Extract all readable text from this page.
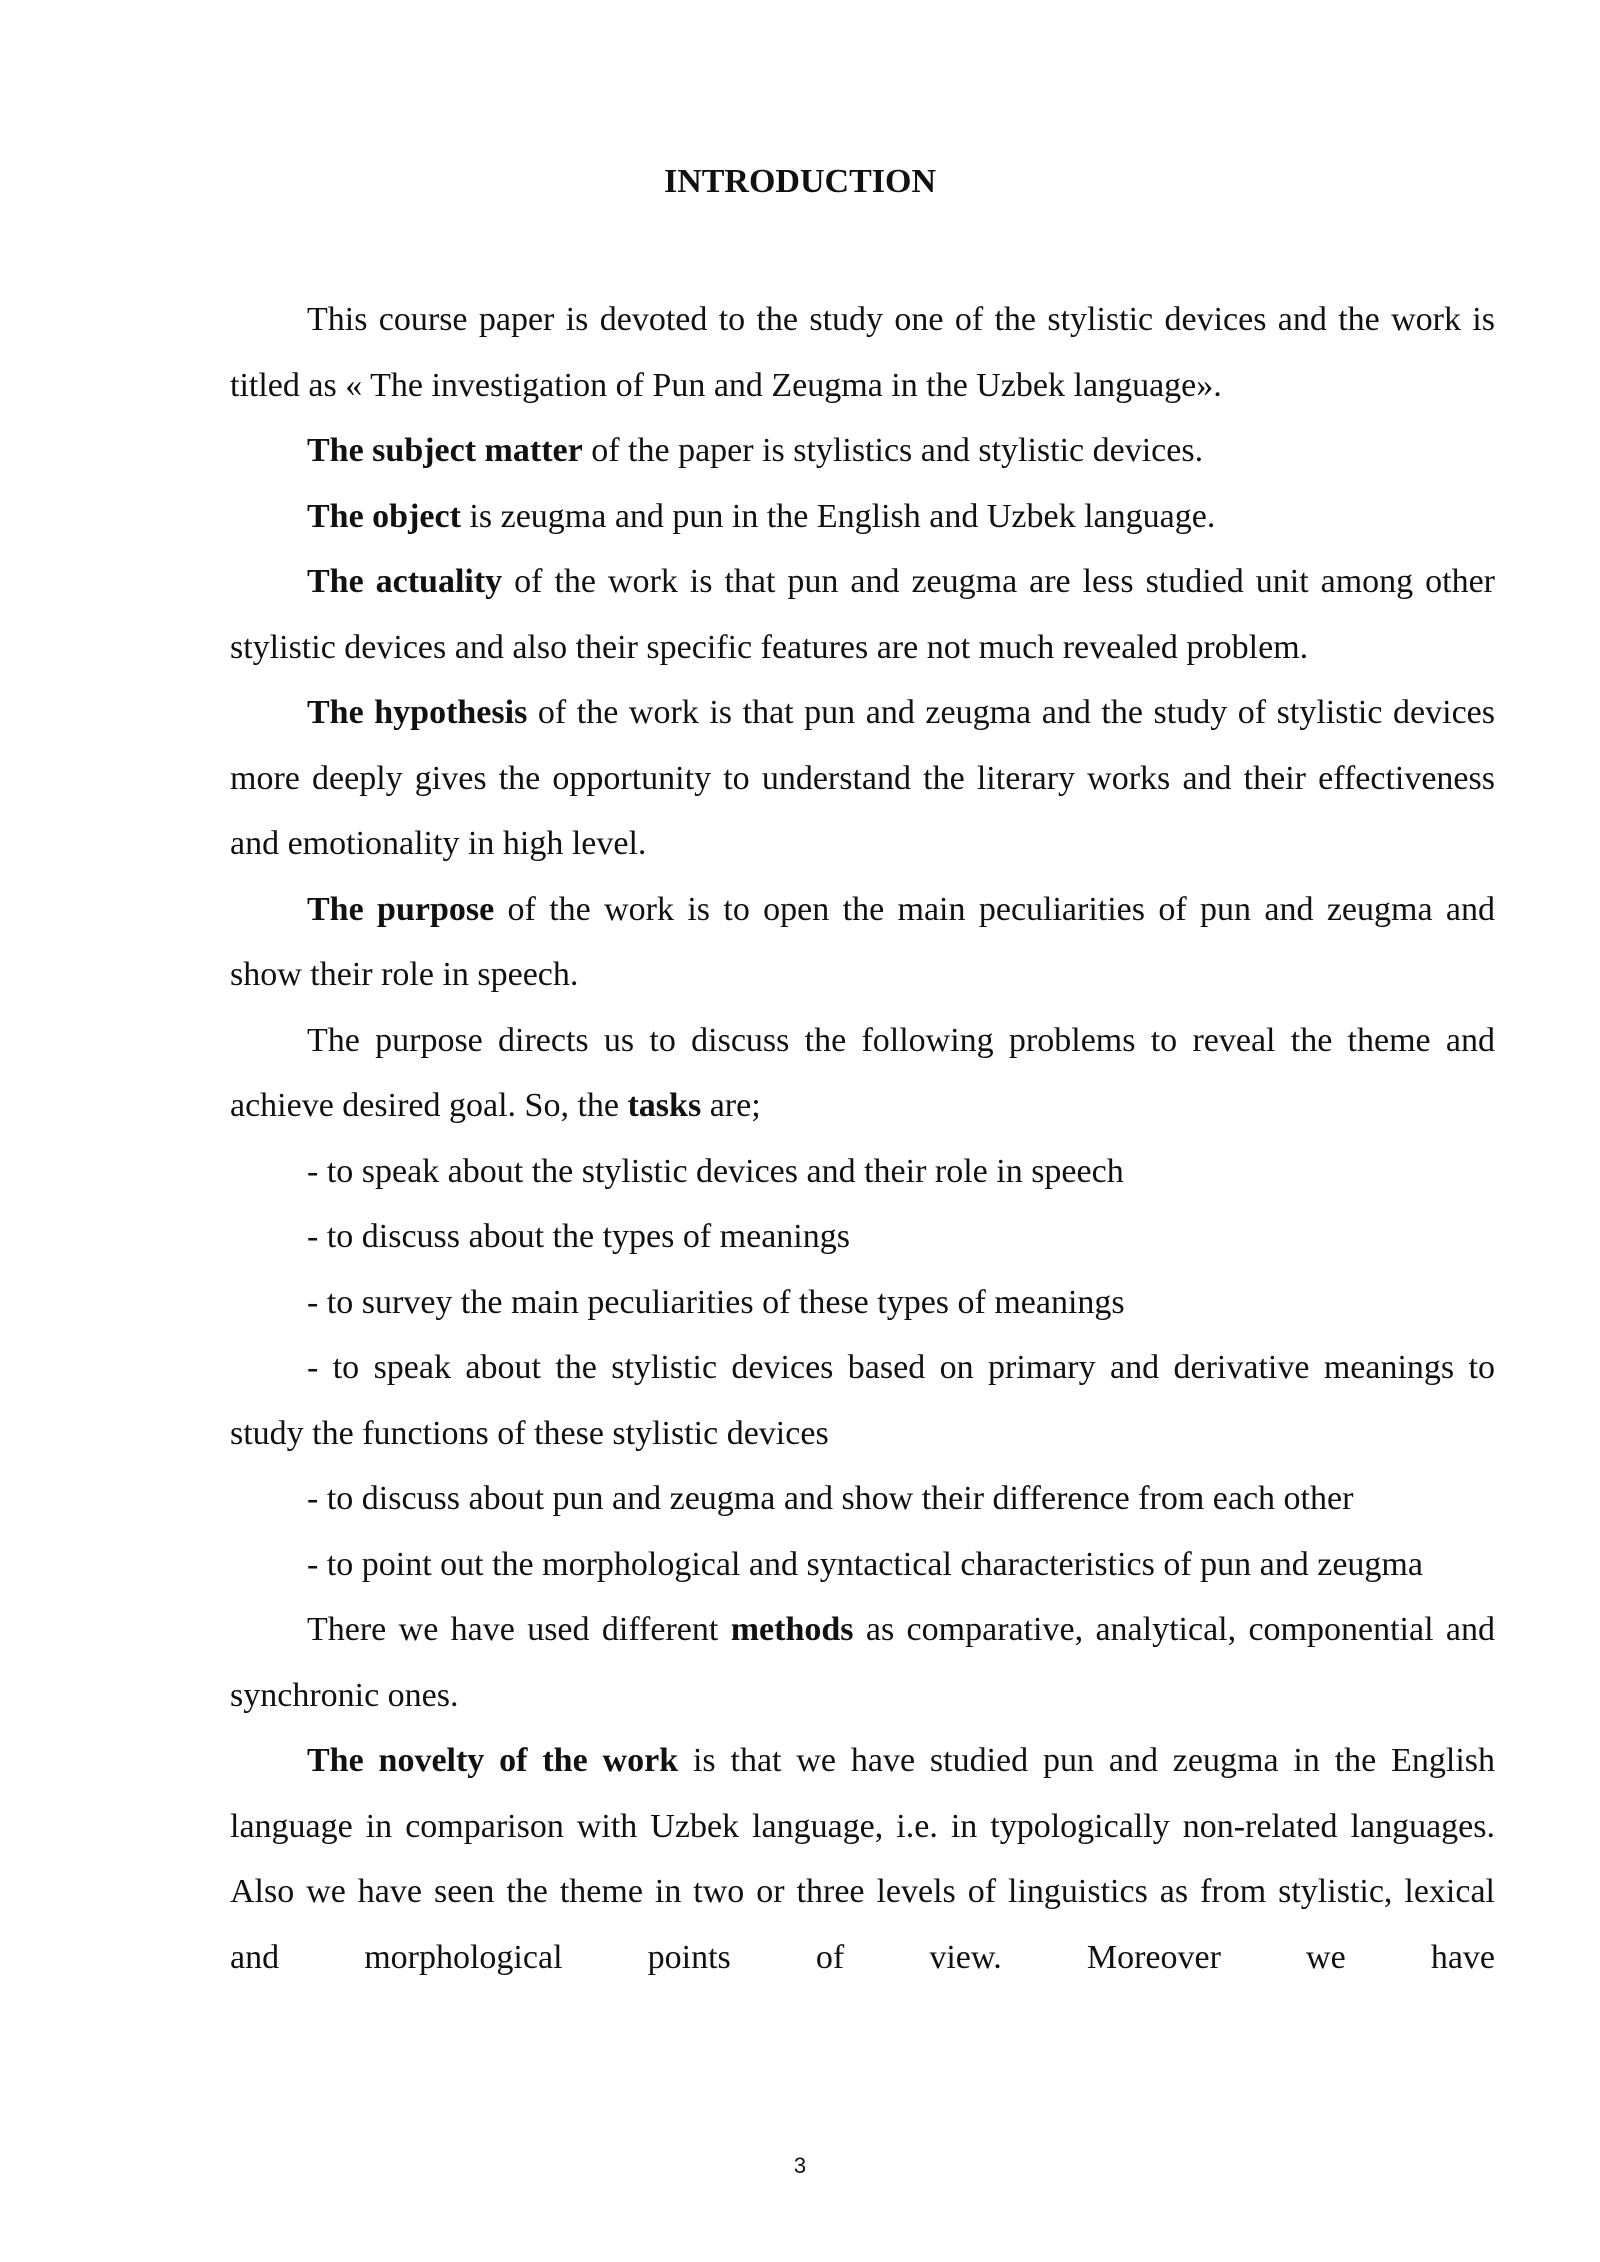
INTRODUCTION

This course paper is devoted to the study one of the stylistic devices and the work is titled as « The investigation of Pun and Zeugma in the Uzbek language».

The subject matter of the paper is stylistics and stylistic devices.

The object is zeugma and pun in the English and Uzbek language.

The actuality of the work is that pun and zeugma are less studied unit among other stylistic devices and also their specific features are not much revealed problem.

The hypothesis of the work is that pun and zeugma and the study of stylistic devices more deeply gives the opportunity to understand the literary works and their effectiveness and emotionality in high level.

The purpose of the work is to open the main peculiarities of pun and zeugma and show their role in speech.

The purpose directs us to discuss the following problems to reveal the theme and achieve desired goal. So, the tasks are;

- to speak about the stylistic devices and their role in speech

- to discuss about the types of meanings

- to survey the main peculiarities of these types of meanings

- to speak about the stylistic devices based on primary and derivative meanings to study the functions of these stylistic devices

- to discuss about pun and zeugma and show their difference from each other

- to point out the morphological and syntactical characteristics of pun and zeugma

There we have used different methods as comparative, analytical, componential and synchronic ones.

The novelty of the work is that we have studied pun and zeugma in the English language in comparison with Uzbek language, i.e. in typologically non-related languages. Also we have seen the theme in two or three levels of linguistics as from stylistic, lexical and morphological points of view. Moreover we have

3
